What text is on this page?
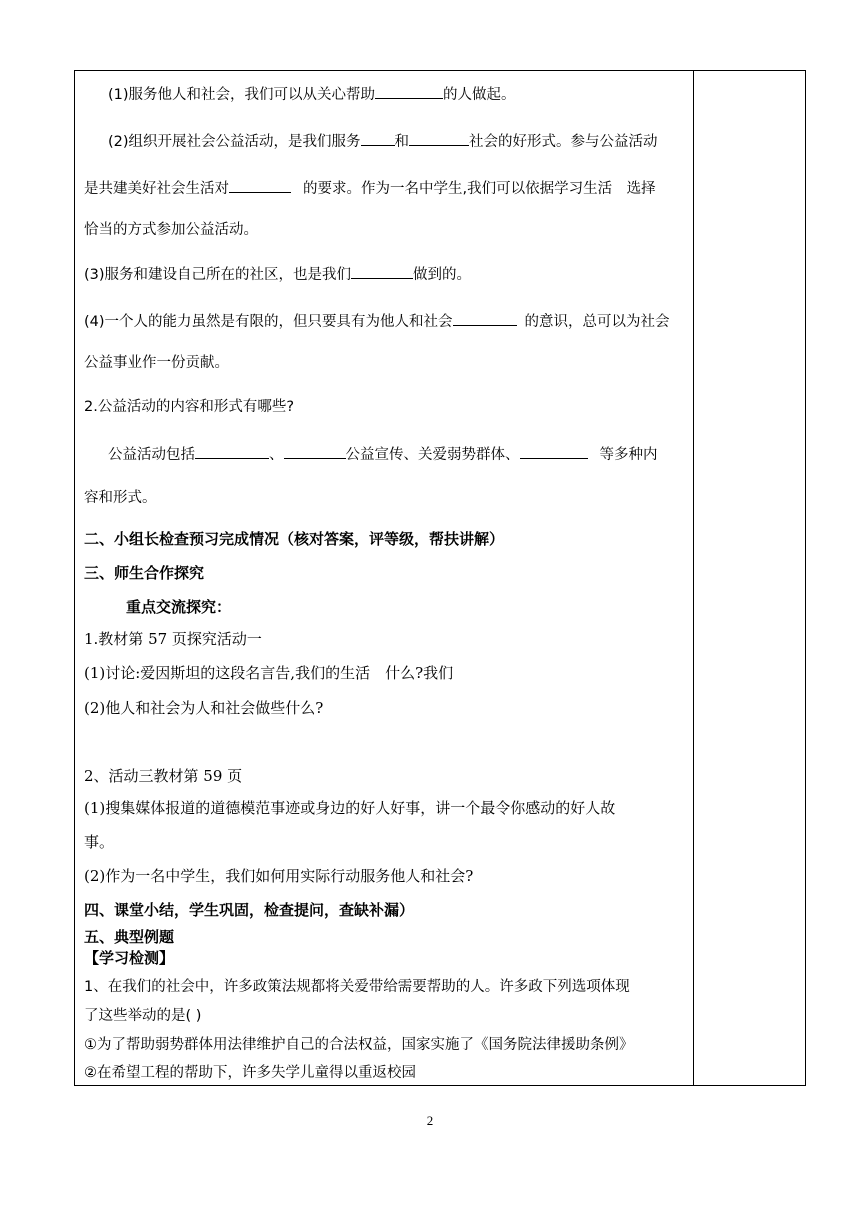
(1)服务他人和社会，我们可以从关心帮助	的人做起。
(2)组织开展社会公益活动，是我们服务 和	社会的好形式。参与公益活动
是共建美好社会生活对	的要求。作为一名中学生,我们可以依据学习生活　选择
恰当的方式参加公益活动。
(3)服务和建设自己所在的社区，也是我们	做到的。
(4)一个人的能力虽然是有限的，但只要具有为他人和社会	的意识，总可以为社会
公益事业作一份贡献。
2.公益活动的内容和形式有哪些?
公益活动包括	、	公益宣传、关爱弱势群体、	等多种内
容和形式。
二、小组长检查预习完成情况（核对答案，评等级，帮扶讲解）
三、师生合作探究
重点交流探究：
1.教材第 57 页探究活动一
(1)讨论:爱因斯坦的这段名言告,我们的生活　什么?我们
(2)他人和社会为人和社会做些什么?
2、活动三教材第 59 页
(1)搜集媒体报道的道德模范事迹或身边的好人好事，讲一个最令你感动的好人故
事。
(2)作为一名中学生，我们如何用实际行动服务他人和社会?
四、课堂小结，学生巩固，检查提问，查缺补漏）
五、典型例题
【学习检测】
1、在我们的社会中，许多政策法规都将关爱带给需要帮助的人。许多政下列选项体现
了这些举动的是( )
①为了帮助弱势群体用法律维护自己的合法权益，国家实施了《国务院法律援助条例》
②在希望工程的帮助下，许多失学儿童得以重返校园
2
